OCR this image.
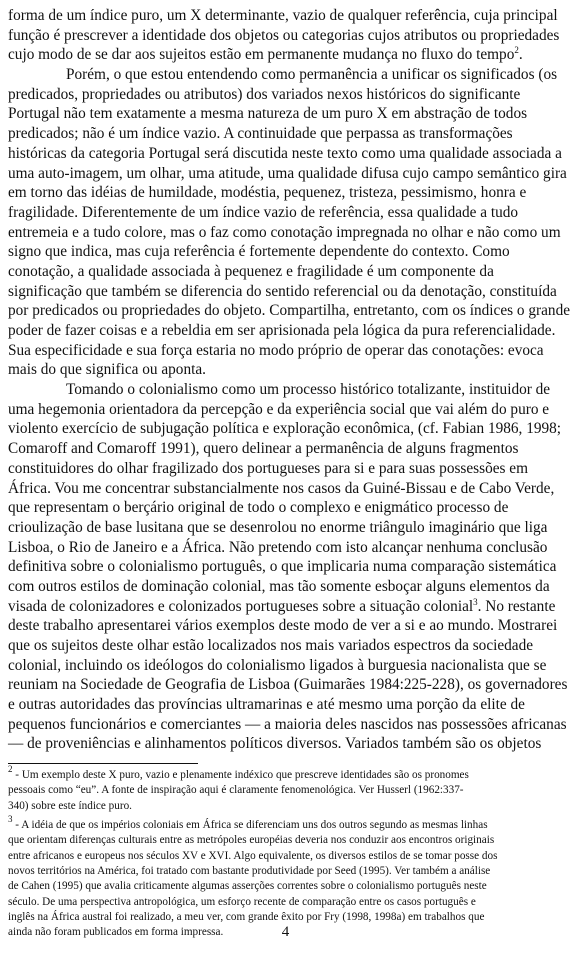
forma de um índice puro, um X determinante, vazio de qualquer referência, cuja principal
função é prescrever a identidade dos objetos ou categorias cujos atributos ou propriedades
cujo modo de se dar aos sujeitos estão em permanente mudança no fluxo do tempo$^2$.
Porém, o que estou entendendo como permanência a unificar os significados (os
predicados, propriedades ou atributos) dos variados nexos históricos do significante
Portugal não tem exatamente a mesma natureza de um puro X em abstração de todos
predicados; não é um índice vazio. A continuidade que perpassa as transformações
históricas da categoria Portugal será discutida neste texto como uma qualidade associada a
uma auto-imagem, um olhar, uma atitude, uma qualidade difusa cujo campo semântico gira
em torno das idéias de humildade, modéstia, pequenez, tristeza, pessimismo, honra e
fragilidade. Diferentemente de um índice vazio de referência, essa qualidade a tudo
entremeia e a tudo colore, mas o faz como conotação impregnada no olhar e não como um
signo que indica, mas cuja referência é fortemente dependente do contexto. Como
conotação, a qualidade associada à pequenez e fragilidade é um componente da
significação que também se diferencia do sentido referencial ou da denotação, constituída
por predicados ou propriedades do objeto. Compartilha, entretanto, com os índices o grande
poder de fazer coisas e a rebeldia em ser aprisionada pela lógica da pura referencialidade.
Sua especificidade e sua força estaria no modo próprio de operar das conotações: evoca
mais do que significa ou aponta.
Tomando o colonialismo como um processo histórico totalizante, instituidor de
uma hegemonia orientadora da percepção e da experiência social que vai além do puro e
violento exercício de subjugação política e exploração econômica, (cf. Fabian 1986, 1998;
Comaroff and Comaroff 1991), quero delinear a permanência de alguns fragmentos
constituidores do olhar fragilizado dos portugueses para si e para suas possessões em
África. Vou me concentrar substancialmente nos casos da Guiné-Bissau e de Cabo Verde,
que representam o berçário original de todo o complexo e enigmático processo de
crioulização de base lusitana que se desenrolou no enorme triângulo imaginário que liga
Lisboa, o Rio de Janeiro e a África. Não pretendo com isto alcançar nenhuma conclusão
definitiva sobre o colonialismo português, o que implicaria numa comparação sistemática
com outros estilos de dominação colonial, mas tão somente esboçar alguns elementos da
visada de colonizadores e colonizados portugueses sobre a situação colonial$^3$. No restante
deste trabalho apresentarei vários exemplos deste modo de ver a si e ao mundo. Mostrarei
que os sujeitos deste olhar estão localizados nos mais variados espectros da sociedade
colonial, incluindo os ideólogos do colonialismo ligados à burguesia nacionalista que se
reuniam na Sociedade de Geografia de Lisboa (Guimarães 1984:225-228), os governadores
e outras autoridades das províncias ultramarinas e até mesmo uma porção da elite de
pequenos funcionários e comerciantes — a maioria deles nascidos nas possessões africanas
— de proveniências e alinhamentos políticos diversos. Variados também são os objetos
$^2$ - Um exemplo deste X puro, vazio e plenamente indéxico que prescreve identidades são os pronomes
pessoais como “eu”. A fonte de inspiração aqui é claramente fenomenológica. Ver Husserl (1962:337-
340) sobre este índice puro.
$^3$ - A idéia de que os impérios coloniais em África se diferenciam uns dos outros segundo as mesmas linhas
que orientam diferenças culturais entre as metrópoles européias deveria nos conduzir aos encontros originais
entre africanos e europeus nos séculos XV e XVI. Algo equivalente, os diversos estilos de se tomar posse dos
novos territórios na América, foi tratado com bastante produtividade por Seed (1995). Ver também a análise
de Cahen (1995) que avalia criticamente algumas asserções correntes sobre o colonialismo português neste
século. De uma perspectiva antropológica, um esforço recente de comparação entre os casos português e
inglês na África austral foi realizado, a meu ver, com grande êxito por Fry (1998, 1998a) em trabalhos que
ainda não foram publicados em forma impressa.	4
